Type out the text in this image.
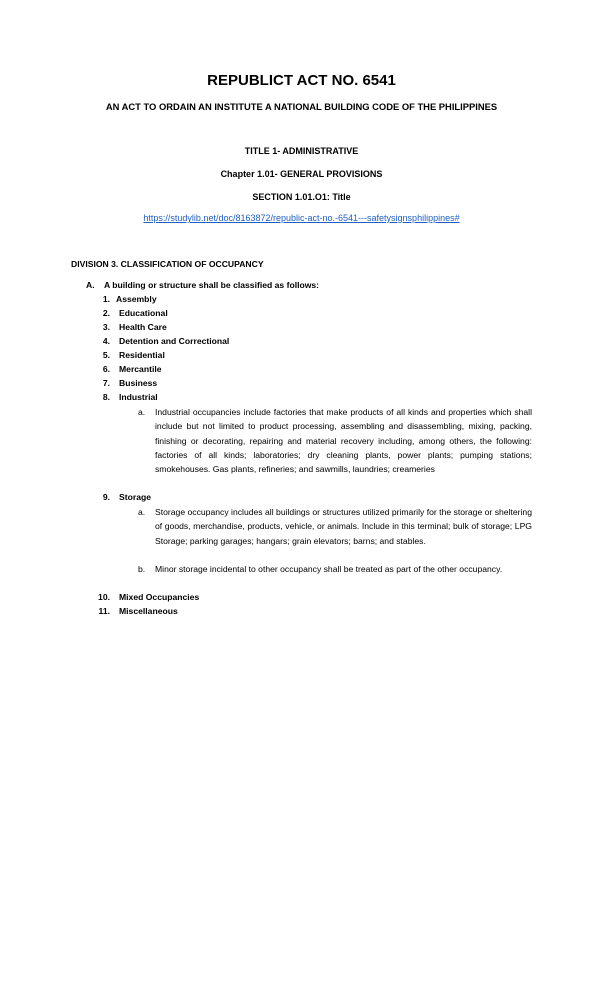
REPUBLICT ACT NO. 6541
AN ACT TO ORDAIN AN INSTITUTE A NATIONAL BUILDING CODE OF THE PHILIPPINES
TITLE 1- ADMINISTRATIVE
Chapter 1.01- GENERAL PROVISIONS
SECTION 1.01.O1: Title
https://studylib.net/doc/8163872/republic-act-no.-6541---safetysignsphilippines#
DIVISION 3. CLASSIFICATION OF OCCUPANCY
A. A building or structure shall be classified as follows:
1. Assembly
2. Educational
3. Health Care
4. Detention and Correctional
5. Residential
6. Mercantile
7. Business
8. Industrial
a. Industrial occupancies include factories that make products of all kinds and properties which shall include but not limited to product processing, assembling and disassembling, mixing, packing, finishing or decorating, repairing and material recovery including, among others, the following: factories of all kinds; laboratories; dry cleaning plants, power plants; pumping stations; smokehouses. Gas plants, refineries; and sawmills, laundries; creameries

9. Storage
a. Storage occupancy includes all buildings or structures utilized primarily for the storage or sheltering of goods, merchandise, products, vehicle, or animals. Include in this terminal; bulk of storage; LPG Storage; parking garages; hangars; grain elevators; barns; and stables.

b. Minor storage incidental to other occupancy shall be treated as part of the other occupancy.

10. Mixed Occupancies
11. Miscellaneous
